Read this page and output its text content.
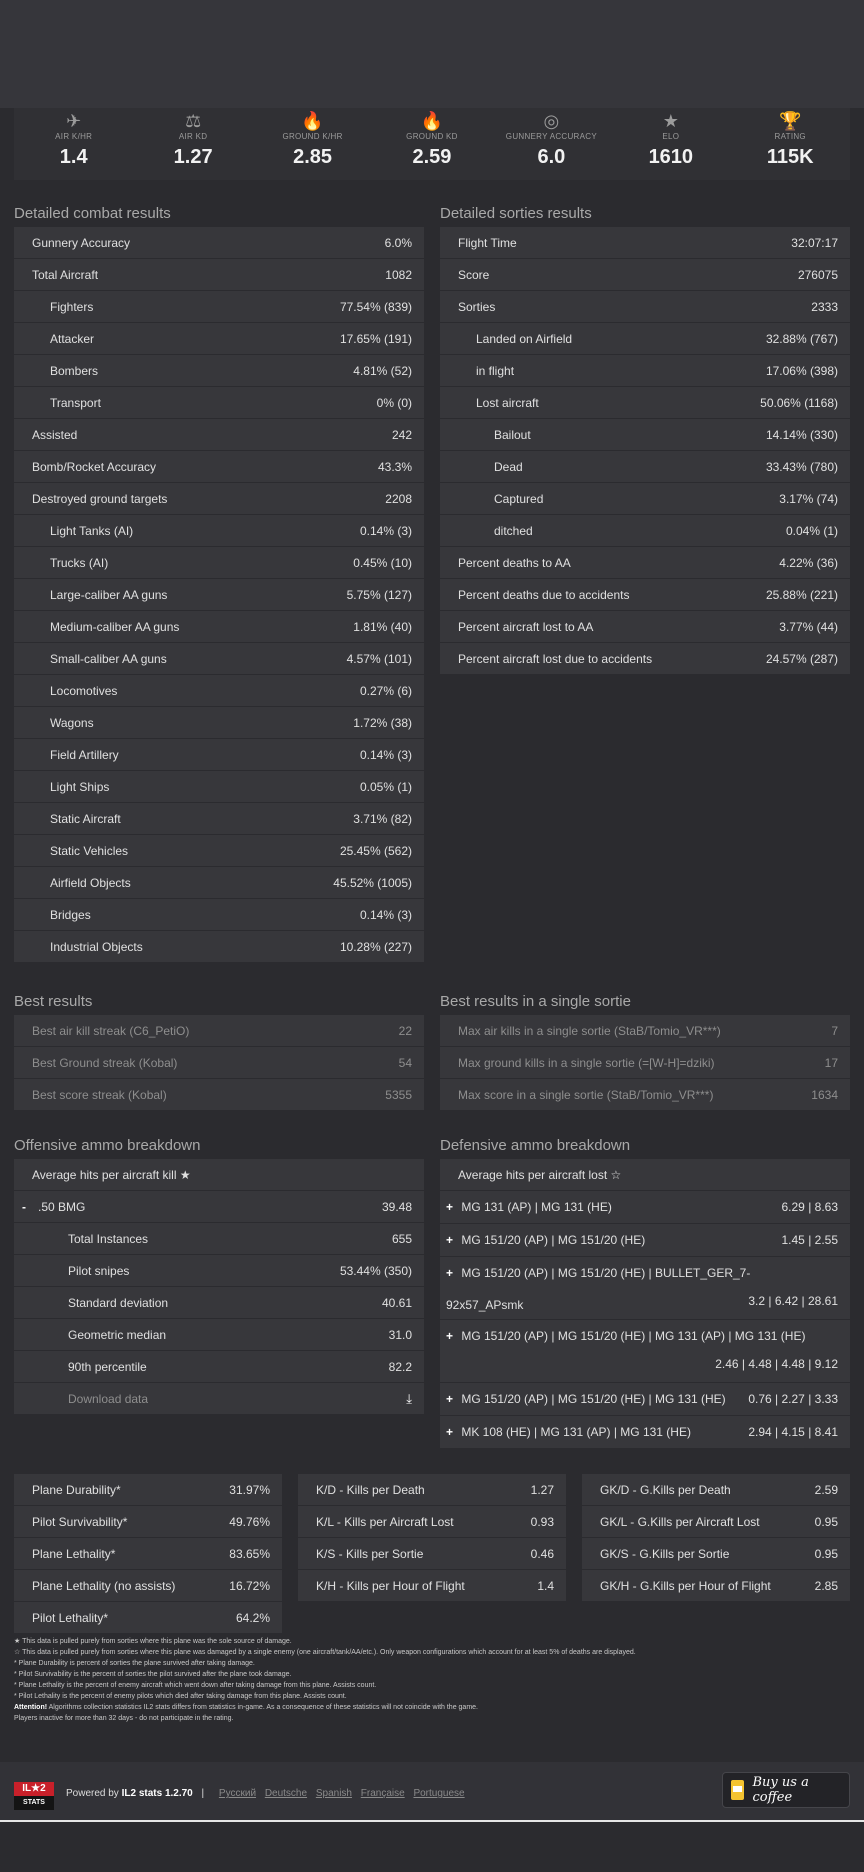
✈
AIR K/HR
1.4
⚖
AIR KD
1.27
🔥
GROUND K/HR
2.85
🔥
GROUND KD
2.59
◎
GUNNERY ACCURACY
6.0
★
ELO
1610
🏆
RATING
115K
Detailed combat results
Gunnery Accuracy	6.0%
Total Aircraft	1082
Fighters	77.54% (839)
Attacker	17.65% (191)
Bombers	4.81% (52)
Transport	0% (0)
Assisted	242
Bomb/Rocket Accuracy	43.3%
Destroyed ground targets	2208
Light Tanks (AI)	0.14% (3)
Trucks (AI)	0.45% (10)
Large-caliber AA guns	5.75% (127)
Medium-caliber AA guns	1.81% (40)
Small-caliber AA guns	4.57% (101)
Locomotives	0.27% (6)
Wagons	1.72% (38)
Field Artillery	0.14% (3)
Light Ships	0.05% (1)
Static Aircraft	3.71% (82)
Static Vehicles	25.45% (562)
Airfield Objects	45.52% (1005)
Bridges	0.14% (3)
Industrial Objects	10.28% (227)
Detailed sorties results
Flight Time	32:07:17
Score	276075
Sorties	2333
Landed on Airfield	32.88% (767)
in flight	17.06% (398)
Lost aircraft	50.06% (1168)
Bailout	14.14% (330)
Dead	33.43% (780)
Captured	3.17% (74)
ditched	0.04% (1)
Percent deaths to AA	4.22% (36)
Percent deaths due to accidents	25.88% (221)
Percent aircraft lost to AA	3.77% (44)
Percent aircraft lost due to accidents	24.57% (287)
Best results
Best air kill streak (C6_PetiO)	22
Best Ground streak (Kobal)	54
Best score streak (Kobal)	5355
Best results in a single sortie
Max air kills in a single sortie (StaB/Tomio_VR***)	7
Max ground kills in a single sortie (=[W-H]=dziki)	17
Max score in a single sortie (StaB/Tomio_VR***)	1634
Offensive ammo breakdown
Average hits per aircraft kill ★
- .50 BMG	39.48
Total Instances	655
Pilot snipes	53.44% (350)
Standard deviation	40.61
Geometric median	31.0
90th percentile	82.2
Download data	⤓
Defensive ammo breakdown
Average hits per aircraft lost ☆
+ MG 131 (AP) | MG 131 (HE)	6.29 | 8.63
+ MG 151/20 (AP) | MG 151/20 (HE)	1.45 | 2.55
+ MG 151/20 (AP) | MG 151/20 (HE) | BULLET_GER_7-92x57_APsmk	3.2 | 6.42 | 28.61
+ MG 151/20 (AP) | MG 151/20 (HE) | MG 131 (AP) | MG 131 (HE)
2.46 | 4.48 | 4.48 | 9.12
+ MG 151/20 (AP) | MG 151/20 (HE) | MG 131 (HE)	0.76 | 2.27 | 3.33
+ MK 108 (HE) | MG 131 (AP) | MG 131 (HE)	2.94 | 4.15 | 8.41
Plane Durability*	31.97%
Pilot Survivability*	49.76%
Plane Lethality*	83.65%
Plane Lethality (no assists)	16.72%
Pilot Lethality*	64.2%
K/D - Kills per Death	1.27
K/L - Kills per Aircraft Lost	0.93
K/S - Kills per Sortie	0.46
K/H - Kills per Hour of Flight	1.4
GK/D - G.Kills per Death	2.59
GK/L - G.Kills per Aircraft Lost	0.95
GK/S - G.Kills per Sortie	0.95
GK/H - G.Kills per Hour of Flight	2.85
★ This data is pulled purely from sorties where this plane was the sole source of damage.
☆ This data is pulled purely from sorties where this plane was damaged by a single enemy (one aircraft/tank/AA/etc.). Only weapon configurations which account for at least 5% of deaths are displayed.
* Plane Durability is percent of sorties the plane survived after taking damage.
* Pilot Survivability is the percent of sorties the pilot survived after the plane took damage.
* Plane Lethality is the percent of enemy aircraft which went down after taking damage from this plane. Assists count.
* Pilot Lethality is the percent of enemy pilots which died after taking damage from this plane. Assists count.
Attention! Algorithms collection statistics IL2 stats differs from statistics in-game. As a consequence of these statistics will not coincide with the game.
Players inactive for more than 32 days - do not participate in the rating.
IL★2
STATS
Powered by IL2 stats 1.2.70 | Русский Deutsche Spanish Française Portuguese
Buy us a coffee
